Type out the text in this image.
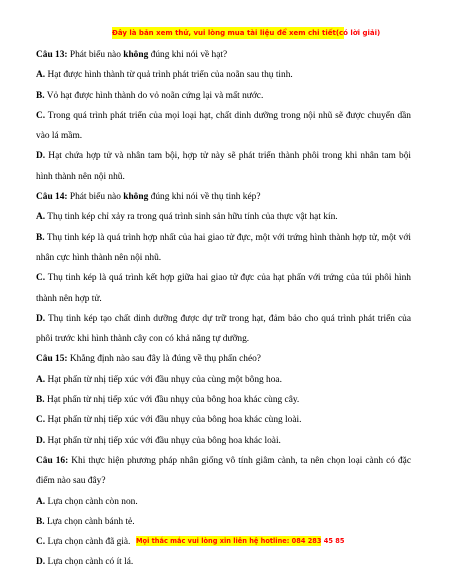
Đây là bản xem thử, vui lòng mua tài liệu để xem chi tiết(có lời giải)
Câu 13: Phát biểu nào không đúng khi nói về hạt?
A. Hạt được hình thành từ quả trình phát triển của noãn sau thụ tinh.
B. Vỏ hạt được hình thành do vỏ noãn cứng lại và mất nước.
C. Trong quá trình phát triển của mọi loại hạt, chất dinh dưỡng trong nội nhũ sẽ được chuyển dần vào lá mầm.
D. Hạt chứa hợp tử và nhân tam bội, hợp tử này sẽ phát triển thành phôi trong khi nhân tam bội hình thành nên nội nhũ.
Câu 14: Phát biểu nào không đúng khi nói về thụ tinh kép?
A. Thụ tinh kép chỉ xảy ra trong quá trình sinh sản hữu tính của thực vật hạt kín.
B. Thụ tinh kép là quá trình hợp nhất của hai giao tử đực, một với trứng hình thành hợp tử, một với nhân cực hình thành nên nội nhũ.
C. Thụ tinh kép là quá trình kết hợp giữa hai giao tử đực của hạt phấn với trứng của túi phôi hình thành nên hợp tử.
D. Thụ tinh kép tạo chất dinh dưỡng được dự trữ trong hạt, đảm bảo cho quá trình phát triển của phôi trước khi hình thành cây con có khả năng tự dưỡng.
Câu 15: Khẳng định nào sau đây là đúng về thụ phấn chéo?
A. Hạt phấn từ nhị tiếp xúc với đầu nhụy của cùng một bông hoa.
B. Hạt phấn từ nhị tiếp xúc với đầu nhụy của bông hoa khác cùng cây.
C. Hạt phấn từ nhị tiếp xúc với đầu nhụy của bông hoa khác cùng loài.
D. Hạt phấn từ nhị tiếp xúc với đầu nhụy của bông hoa khác loài.
Câu 16: Khi thực hiện phương pháp nhân giống vô tính giâm cành, ta nên chọn loại cành có đặc điểm nào sau đây?
A. Lựa chọn cành còn non.
B. Lựa chọn cành bánh tẻ.
C. Lựa chọn cành đã già.
D. Lựa chọn cành có ít lá.
Mọi thắc mắc vui lòng xin liên hệ hotline: 084 283 45 85
